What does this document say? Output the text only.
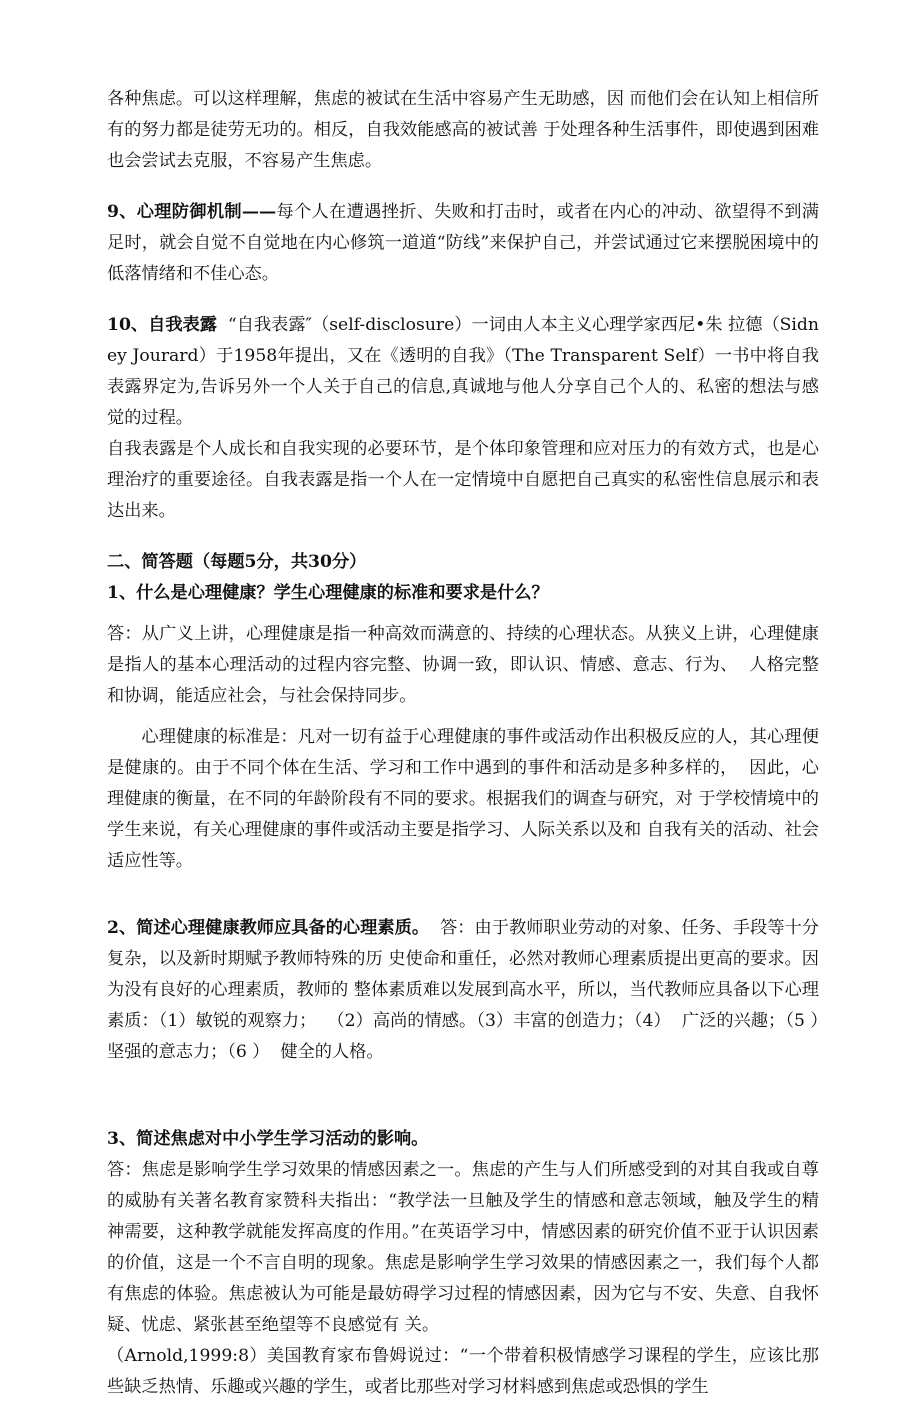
各种焦虑。可以这样理解，焦虑的被试在生活中容易产生无助感，因 而他们会在认知上相信所有的努力都是徒劳无功的。相反，自我效能感高的被试善 于处理各种生活事件，即使遇到困难也会尝试去克服，不容易产生焦虑。

9、心理防御机制——每个人在遭遇挫折、失败和打击时，或者在内心的冲动、欲望得不到满足时，就会自觉不自觉地在内心修筑一道道“防线”来保护自己，并尝试通过它来摆脱困境中的低落情绪和不佳心态。

10、自我表露  “自我表露″（self-disclosure）一词由人本主义心理学家西尼•朱 拉德（Sidney Jourard）于1958年提出，又在《透明的自我》（The Transparent Self）一书中将自我表露界定为,告诉另外一个人关于自己的信息,真诚地与他人分享自己个人的、私密的想法与感觉的过程。

自我表露是个人成长和自我实现的必要环节，是个体印象管理和应对压力的有效方式，也是心理治疗的重要途径。自我表露是指一个人在一定情境中自愿把自己真实的私密性信息展示和表达出来。

二、简答题（每题5分，共30分）

1、什么是心理健康？学生心理健康的标准和要求是什么？

答：从广义上讲，心理健康是指一种高效而满意的、持续的心理状态。从狭义上讲，心理健康是指人的基本心理活动的过程内容完整、协调一致，即认识、情感、意志、行为、  人格完整和协调，能适应社会，与社会保持同步。

心理健康的标准是：凡对一切有益于心理健康的事件或活动作出积极反应的人，其心理便是健康的。由于不同个体在生活、学习和工作中遇到的事件和活动是多种多样的，  因此，心理健康的衡量，在不同的年龄阶段有不同的要求。根据我们的调查与研究，对 于学校情境中的学生来说，有关心理健康的事件或活动主要是指学习、人际关系以及和 自我有关的活动、社会适应性等。

2、简述心理健康教师应具备的心理素质。  答：由于教师职业劳动的对象、任务、手段等十分复杂，以及新时期赋予教师特殊的历 史使命和重任，必然对教师心理素质提出更高的要求。因为没有良好的心理素质，教师的 整体素质难以发展到高水平，所以，当代教师应具备以下心理素质：（1）敏锐的观察力；  （2）高尚的情感。（3）丰富的创造力；（4）  广泛的兴趣；（5 ）坚强的意志力；（6 ）  健全的人格。

3、简述焦虑对中小学生学习活动的影响。

答：焦虑是影响学生学习效果的情感因素之一。焦虑的产生与人们所感受到的对其自我或自尊的威胁有关著名教育家赞科夫指出：“教学法一旦触及学生的情感和意志领域，触及学生的精神需要，这种教学就能发挥高度的作用。”在英语学习中，情感因素的研究价值不亚于认识因素的价值，这是一个不言自明的现象。焦虑是影响学生学习效果的情感因素之一，我们每个人都有焦虑的体验。焦虑被认为可能是最妨碍学习过程的情感因素，因为它与不安、失意、自我怀疑、忧虑、紧张甚至绝望等不良感觉有 关。

（Arnold,1999:8）美国教育家布鲁姆说过：“一个带着积极情感学习课程的学生，应该比那些缺乏热情、乐趣或兴趣的学生，或者比那些对学习材料感到焦虑或恐惧的学生
